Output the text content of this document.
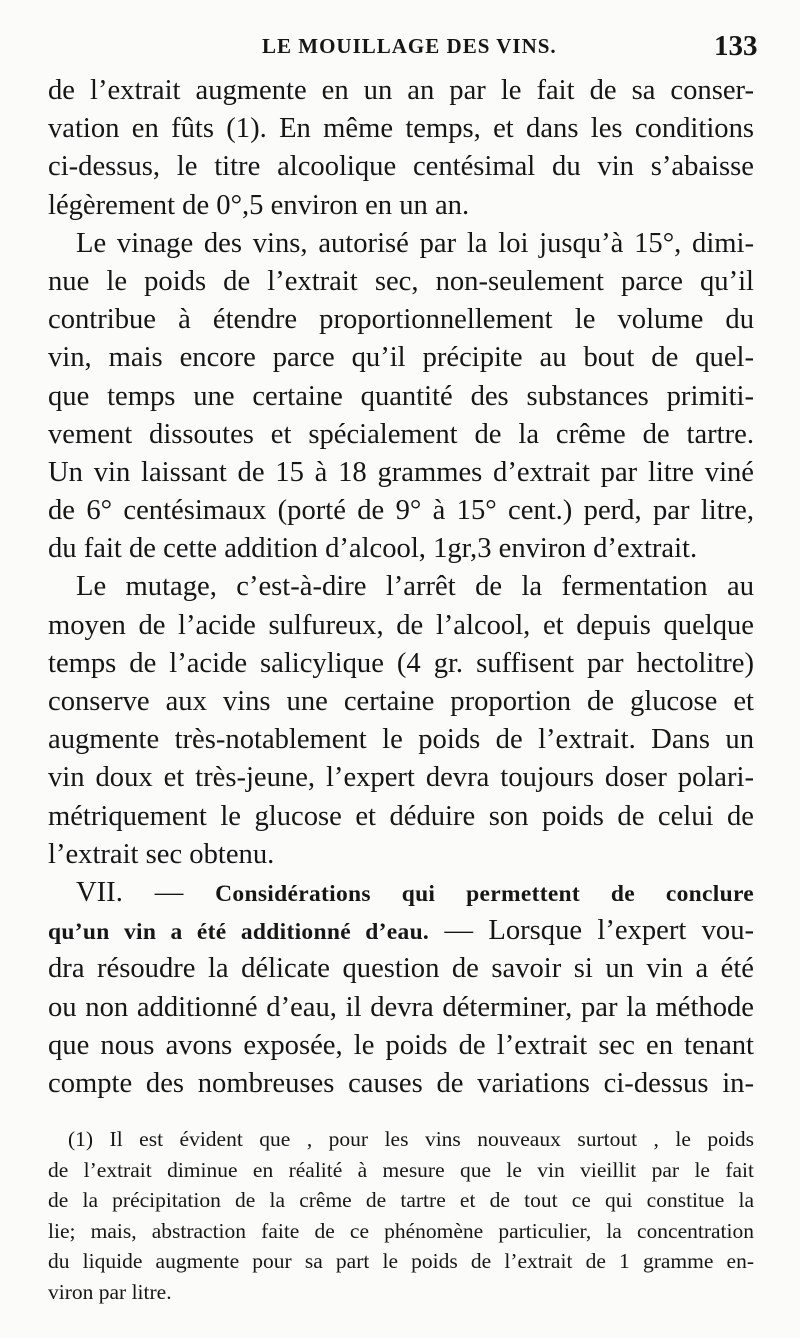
LE MOUILLAGE DES VINS.	133
de l’extrait augmente en un an par le fait de sa conser-
vation en fûts (1). En même temps, et dans les conditions
ci-dessus, le titre alcoolique centésimal du vin s’abaisse
légèrement de 0°,5 environ en un an.
Le vinage des vins, autorisé par la loi jusqu’à 15°, dimi-
nue le poids de l’extrait sec, non-seulement parce qu’il
contribue à étendre proportionnellement le volume du
vin, mais encore parce qu’il précipite au bout de quel-
que temps une certaine quantité des substances primiti-
vement dissoutes et spécialement de la crême de tartre.
Un vin laissant de 15 à 18 grammes d’extrait par litre viné
de 6° centésimaux (porté de 9° à 15° cent.) perd, par litre,
du fait de cette addition d’alcool, 1gr,3 environ d’extrait.
Le mutage, c’est-à-dire l’arrêt de la fermentation au
moyen de l’acide sulfureux, de l’alcool, et depuis quelque
temps de l’acide salicylique (4 gr. suffisent par hectolitre)
conserve aux vins une certaine proportion de glucose et
augmente très-notablement le poids de l’extrait. Dans un
vin doux et très-jeune, l’expert devra toujours doser polari-
métriquement le glucose et déduire son poids de celui de
l’extrait sec obtenu.
VII. — Considérations qui permettent de conclure
qu’un vin a été additionné d’eau. — Lorsque l’expert vou-
dra résoudre la délicate question de savoir si un vin a été
ou non additionné d’eau, il devra déterminer, par la méthode
que nous avons exposée, le poids de l’extrait sec en tenant
compte des nombreuses causes de variations ci-dessus in-
(1) Il est évident que , pour les vins nouveaux surtout , le poids
de l’extrait diminue en réalité à mesure que le vin vieillit par le fait
de la précipitation de la crême de tartre et de tout ce qui constitue la
lie; mais, abstraction faite de ce phénomène particulier, la concentration
du liquide augmente pour sa part le poids de l’extrait de 1 gramme en-
viron par litre.
